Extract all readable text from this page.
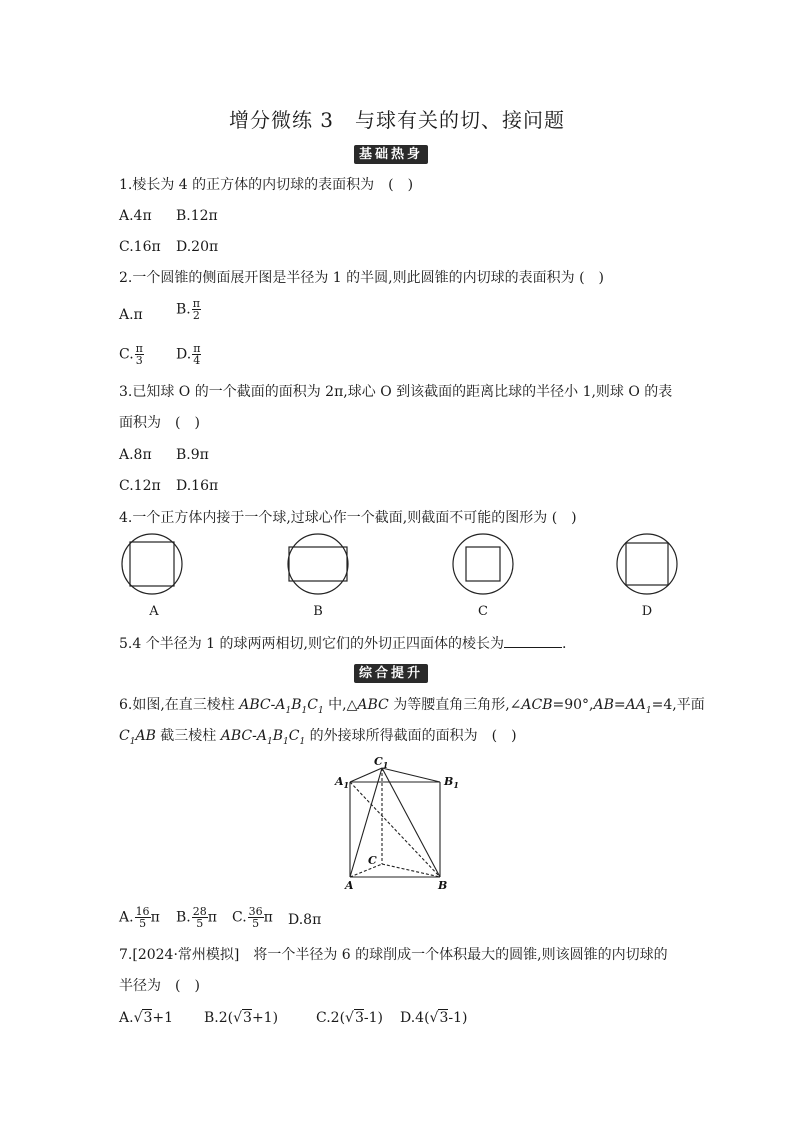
增分微练 3　与球有关的切、接问题
基础热身
1.棱长为 4 的正方体的内切球的表面积为　(　)
A.4π B.12π
C.16π D.20π
2.一个圆锥的侧面展开图是半径为 1 的半圆,则此圆锥的内切球的表面积为 (　)
A.π B. $\frac{\pi}{2}$
C. $\frac{\pi}{3} D$. $\frac{\pi}{4}$
3.已知球 O 的一个截面的面积为 2π,球心 O 到该截面的距离比球的半径小 1,则球 O 的表
面积为　(　)
A.8π B.9π
C.12π D.16π
4.一个正方体内接于一个球,过球心作一个截面,则截面不可能的图形为 (　)
A	B	C	D
5.4 个半径为 1 的球两两相切,则它们的外切正四面体的棱长为	.
综合提升
6.如图,在直三棱柱 ABC-$A_1B_1C_1$ 中,△ABC 为等腰直角三角形$,\angle ACB=90^\circ,AB=AA_1=4$,平面
$C_1AB$ 截三棱柱 ABC-$A_1B_1C_1$ 的外接球所得截面的面积为　(　)
$C_1$
$A_1$	$B_1$
C
A	B
A. $\frac{16}{5}$ π B. $\frac{28}{5}$ π C. $\frac{36}{5}$ π D.8π
7.[2024·常州模拟]　将一个半径为 6 的球削成一个体积最大的圆锥,则该圆锥的内切球的
半径为　(　)
A.√3+1 B.2(√3+1)	C.2(√3-1) D.4(√3-1)
